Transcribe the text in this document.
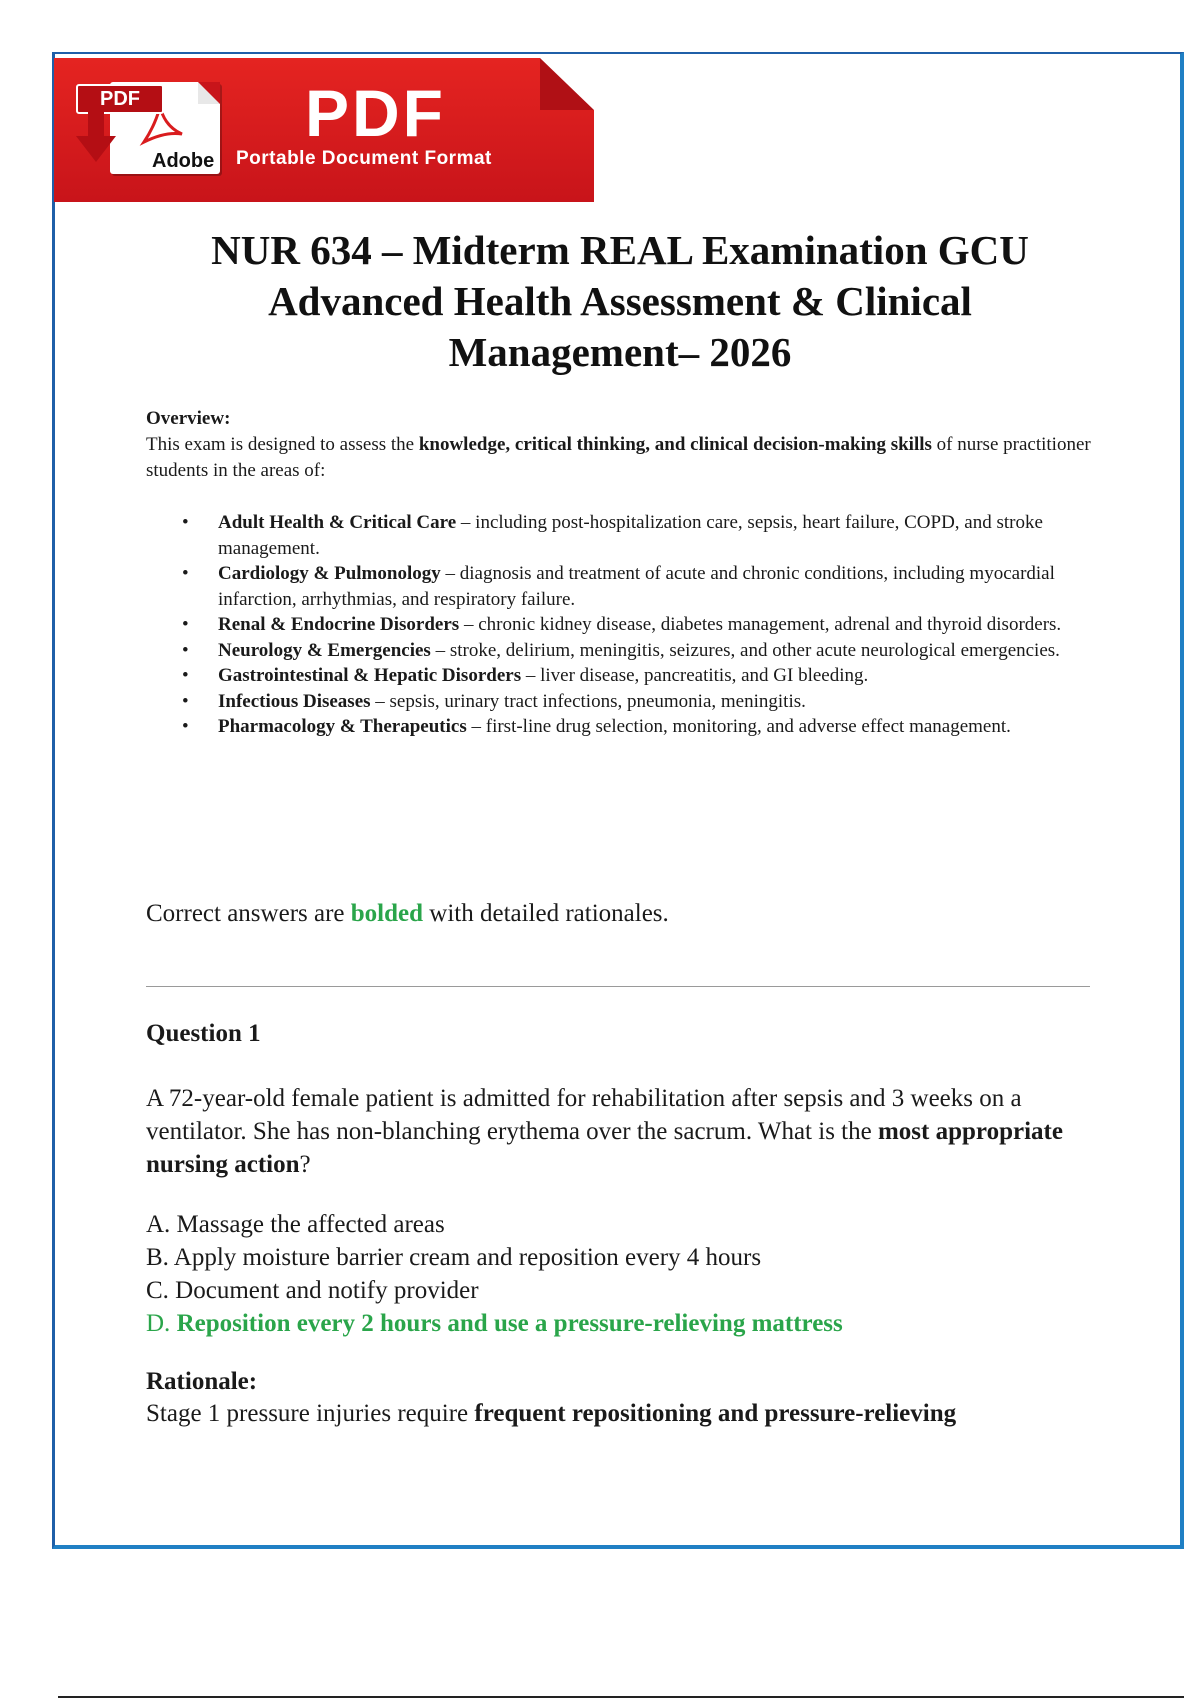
Adobe
PDF	PDF
Portable Document Format
NUR 634 – Midterm REAL Examination GCU
Advanced Health Assessment & Clinical
Management– 2026
Overview:
This exam is designed to assess the knowledge, critical thinking, and clinical decision-making skills of nurse practitioner students in the areas of:
• Adult Health & Critical Care – including post-hospitalization care, sepsis, heart failure, COPD, and stroke management.
• Cardiology & Pulmonology – diagnosis and treatment of acute and chronic conditions, including myocardial infarction, arrhythmias, and respiratory failure.
• Renal & Endocrine Disorders – chronic kidney disease, diabetes management, adrenal and thyroid disorders.
• Neurology & Emergencies – stroke, delirium, meningitis, seizures, and other acute neurological emergencies.
• Gastrointestinal & Hepatic Disorders – liver disease, pancreatitis, and GI bleeding.
• Infectious Diseases – sepsis, urinary tract infections, pneumonia, meningitis.
• Pharmacology & Therapeutics – first-line drug selection, monitoring, and adverse effect management.
Correct answers are bolded with detailed rationales.
Question 1
A 72-year-old female patient is admitted for rehabilitation after sepsis and 3 weeks on a ventilator. She has non-blanching erythema over the sacrum. What is the most appropriate nursing action?
A. Massage the affected areas
B. Apply moisture barrier cream and reposition every 4 hours
C. Document and notify provider
D. Reposition every 2 hours and use a pressure-relieving mattress
Rationale:
Stage 1 pressure injuries require frequent repositioning and pressure-relieving
